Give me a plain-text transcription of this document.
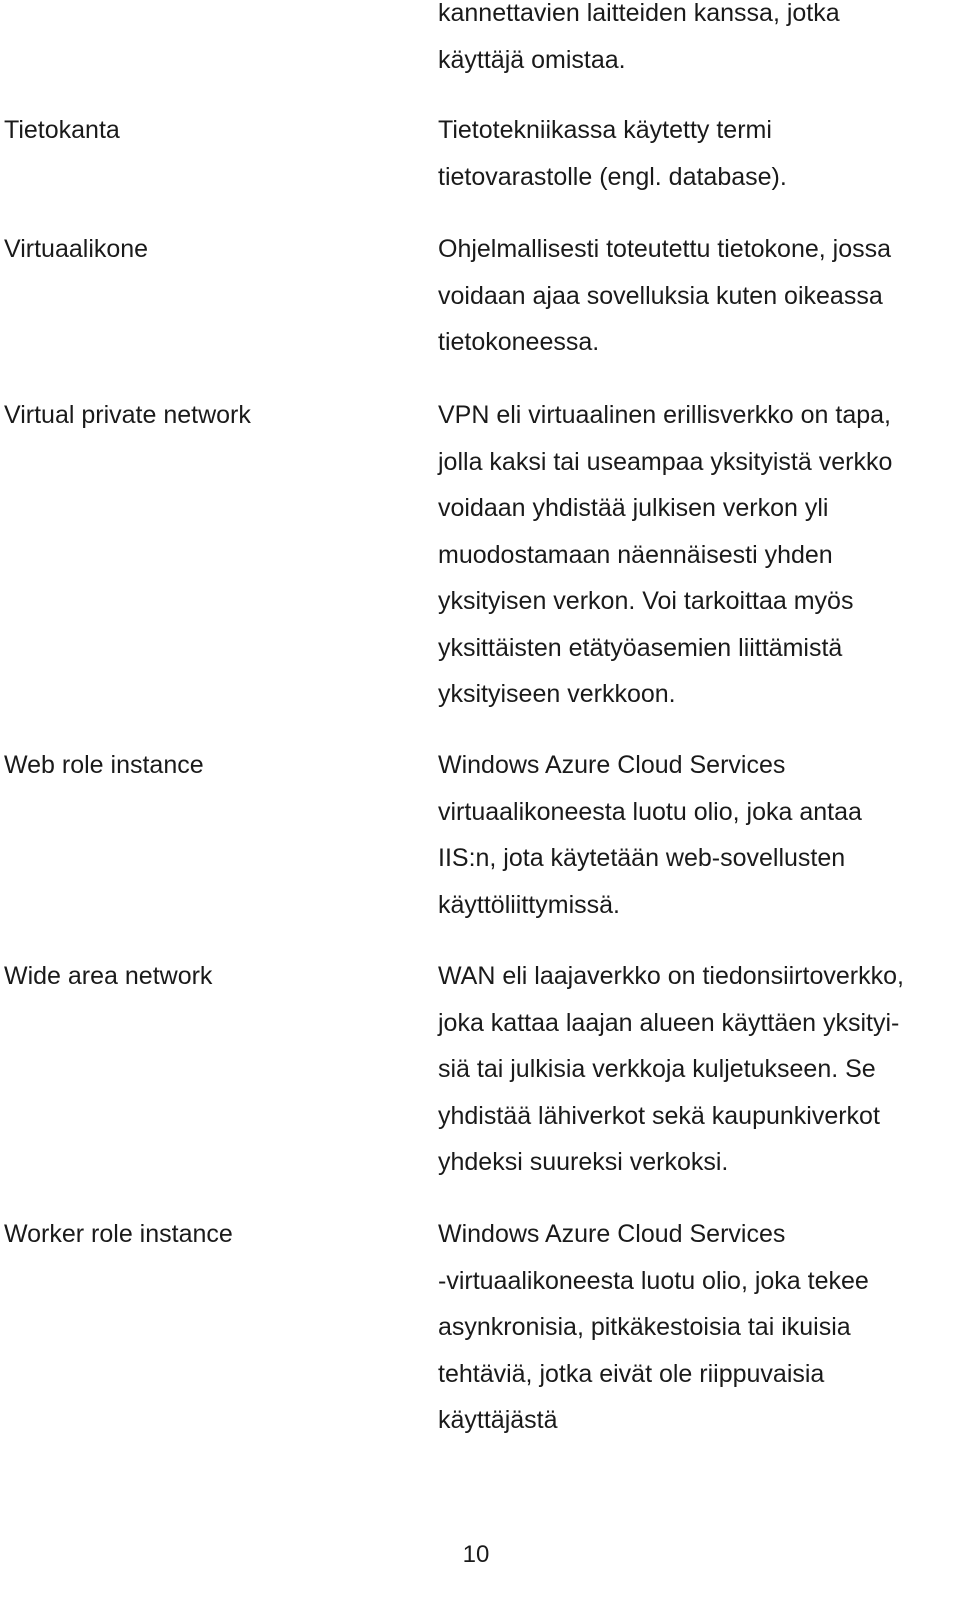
kannettavien laitteiden kanssa, jotka
käyttäjä omistaa.
Tietokanta	Tietotekniikassa käytetty termi
tietovarastolle (engl. database).
Virtuaalikone	Ohjelmallisesti toteutettu tietokone, jossa
voidaan ajaa sovelluksia kuten oikeassa
tietokoneessa.
Virtual private network	VPN eli virtuaalinen erillisverkko on tapa,
jolla kaksi tai useampaa yksityistä verkko
voidaan yhdistää julkisen verkon yli
muodostamaan näennäisesti yhden
yksityisen verkon. Voi tarkoittaa myös
yksittäisten etätyöasemien liittämistä
yksityiseen verkkoon.
Web role instance	Windows Azure Cloud Services
virtuaalikoneesta luotu olio, joka antaa
IIS:n, jota käytetään web-sovellusten
käyttöliittymissä.
Wide area network	WAN eli laajaverkko on tiedonsiirtoverkko,
joka kattaa laajan alueen käyttäen yksityi-
siä tai julkisia verkkoja kuljetukseen. Se
yhdistää lähiverkot sekä kaupunkiverkot
yhdeksi suureksi verkoksi.
Worker role instance	Windows Azure Cloud Services
-virtuaalikoneesta luotu olio, joka tekee
asynkronisia, pitkäkestoisia tai ikuisia
tehtäviä, jotka eivät ole riippuvaisia
käyttäjästä
10
